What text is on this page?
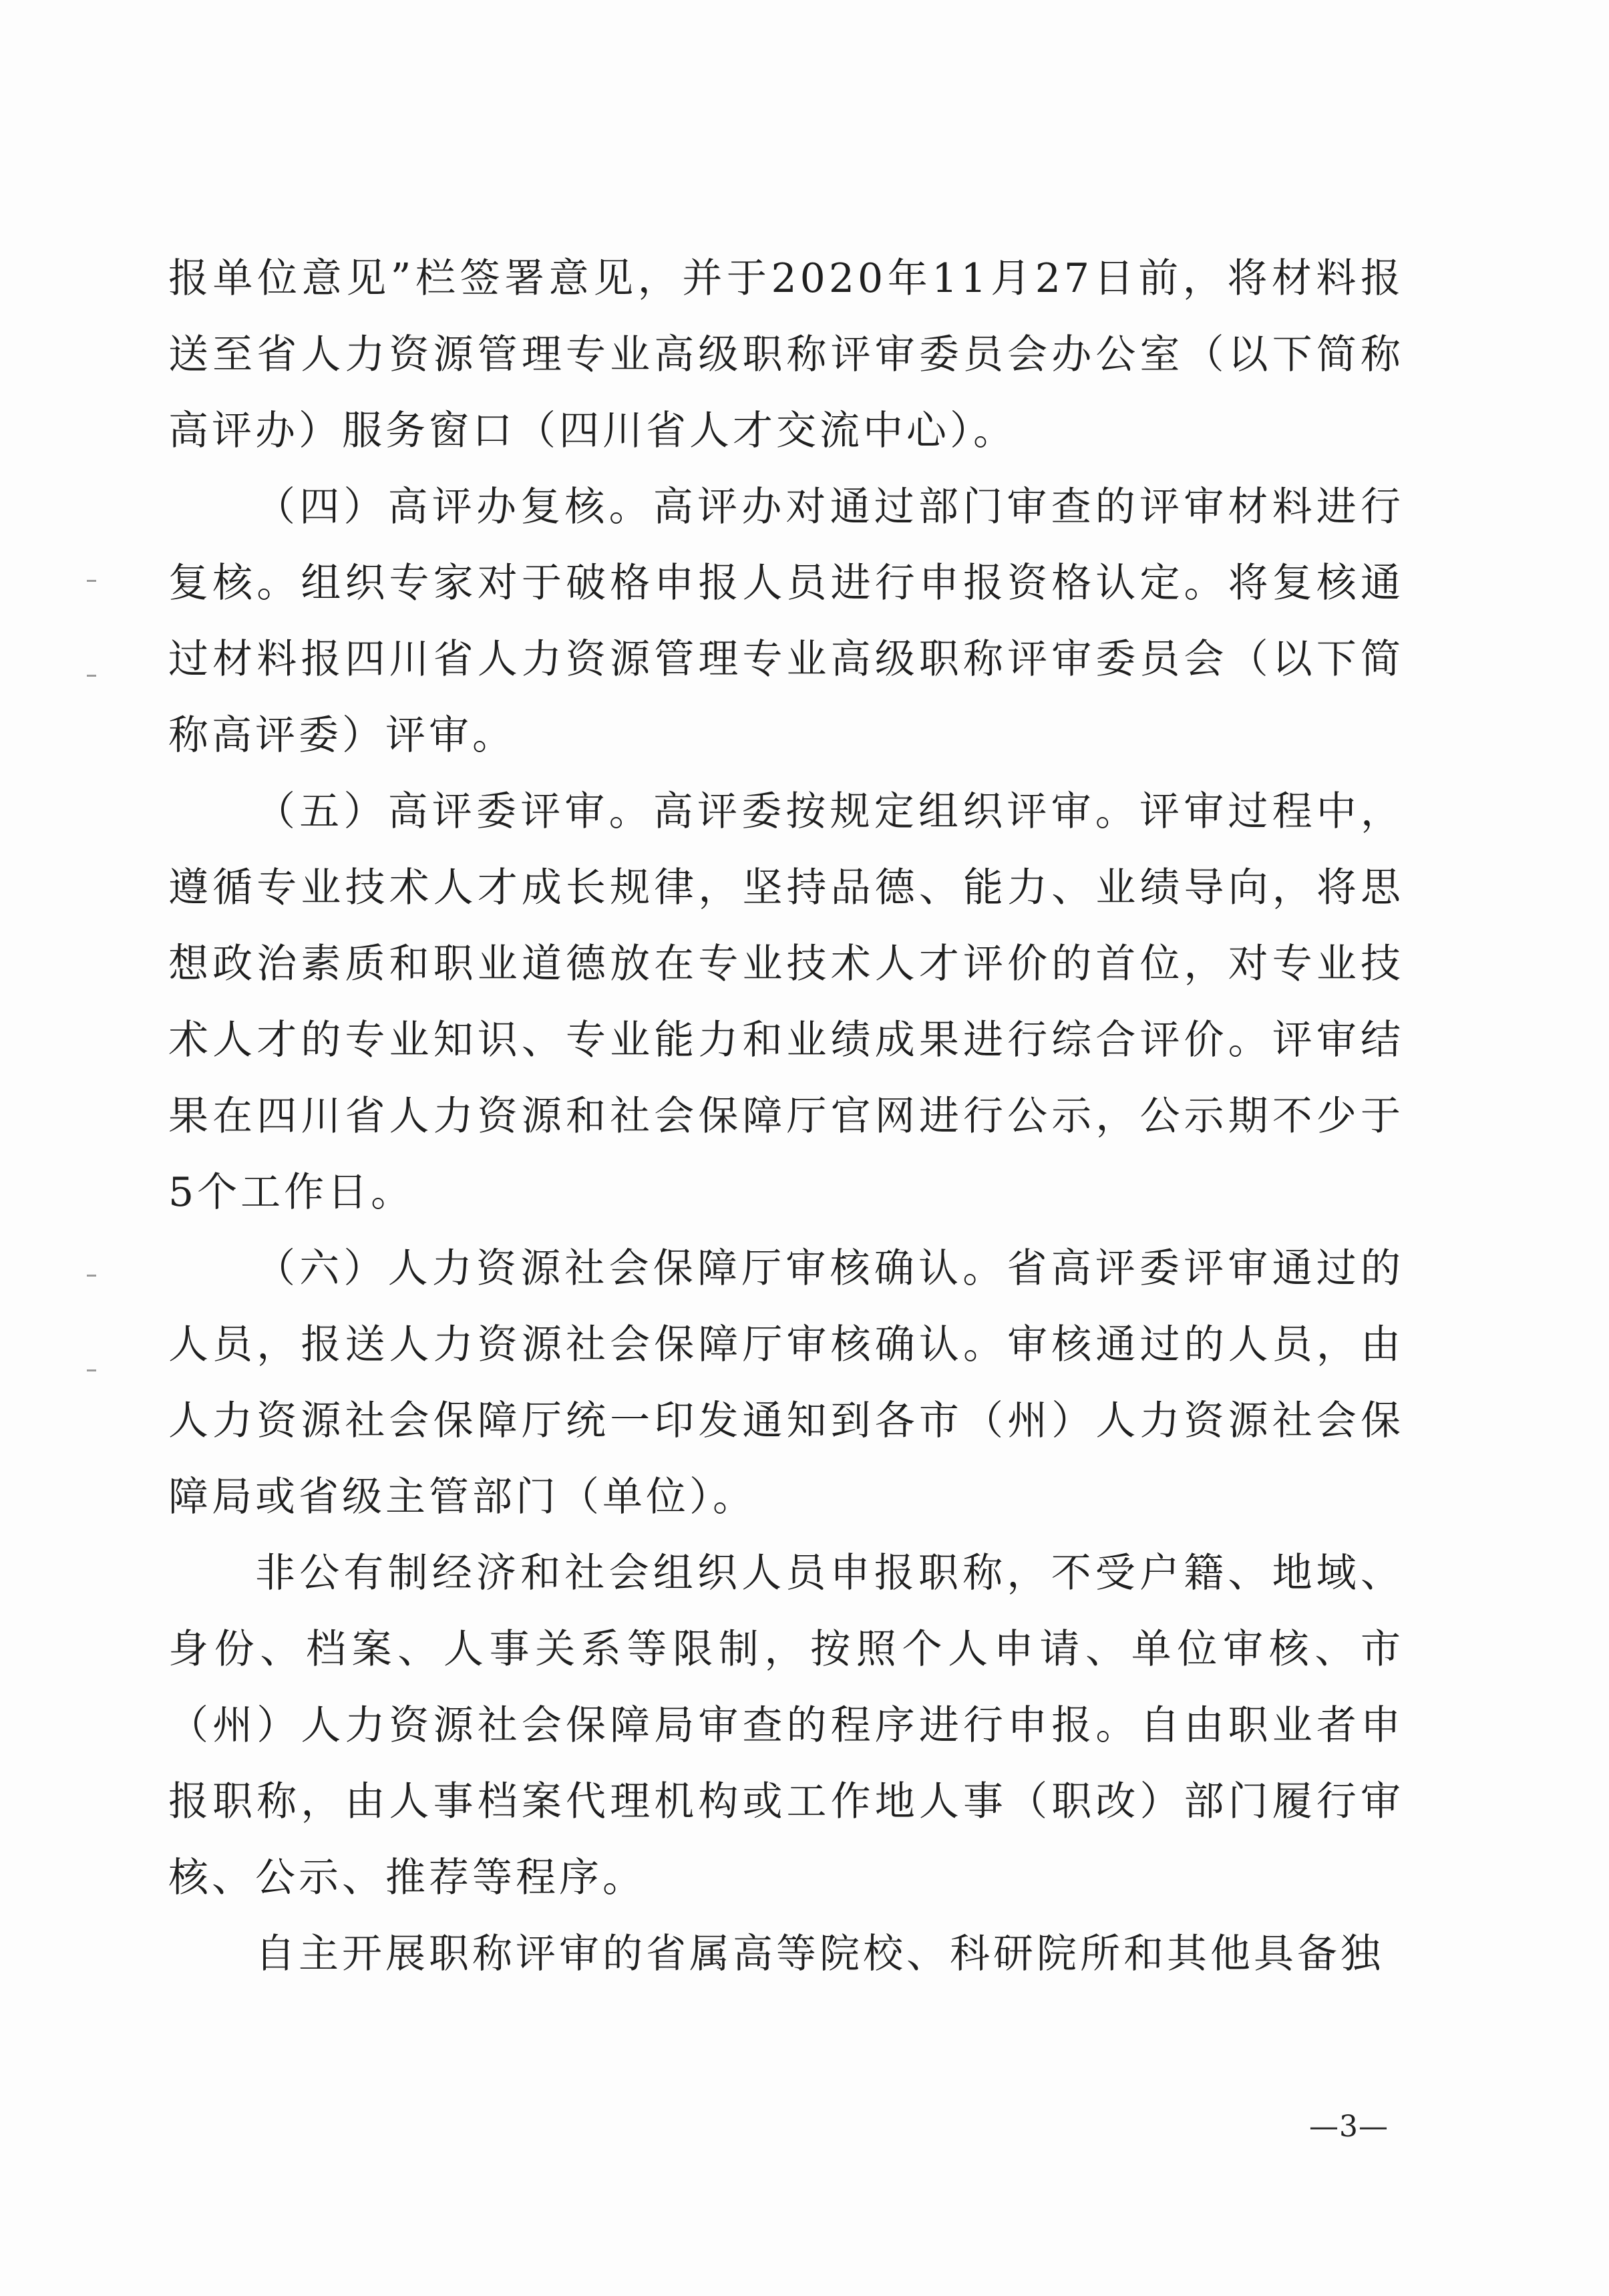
报单位意见”栏签署意见，并于2020年11月27日前，将材料报送至省人力资源管理专业高级职称评审委员会办公室（以下简称高评办）服务窗口（四川省人才交流中心）。

（四）高评办复核。高评办对通过部门审查的评审材料进行复核。组织专家对于破格申报人员进行申报资格认定。将复核通过材料报四川省人力资源管理专业高级职称评审委员会（以下简称高评委）评审。

（五）高评委评审。高评委按规定组织评审。评审过程中，遵循专业技术人才成长规律，坚持品德、能力、业绩导向，将思想政治素质和职业道德放在专业技术人才评价的首位，对专业技术人才的专业知识、专业能力和业绩成果进行综合评价。评审结果在四川省人力资源和社会保障厅官网进行公示，公示期不少于5个工作日。

（六）人力资源社会保障厅审核确认。省高评委评审通过的人员，报送人力资源社会保障厅审核确认。审核通过的人员，由人力资源社会保障厅统一印发通知到各市（州）人力资源社会保障局或省级主管部门（单位）。

非公有制经济和社会组织人员申报职称，不受户籍、地域、身份、档案、人事关系等限制，按照个人申请、单位审核、市（州）人力资源社会保障局审查的程序进行申报。自由职业者申报职称，由人事档案代理机构或工作地人事（职改）部门履行审核、公示、推荐等程序。

自主开展职称评审的省属高等院校、科研院所和其他具备独

—3—
